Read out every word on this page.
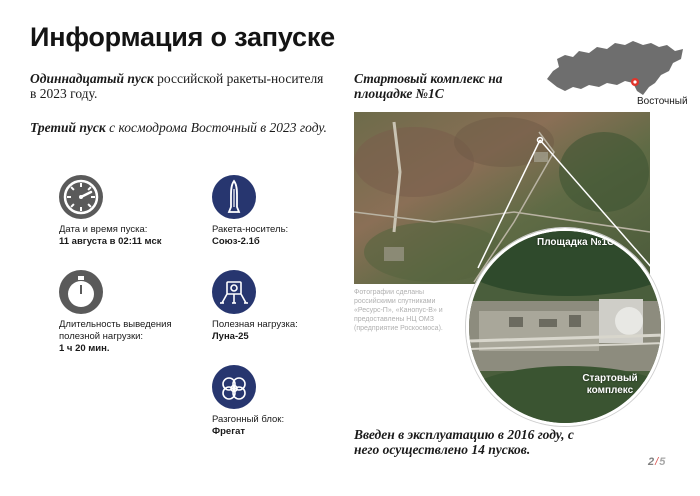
Информация о запуске
Одиннадцатый пуск российской ракеты-носителя в 2023 году.
Третий пуск с космодрома Восточный в 2023 году.
Дата и время пуска:
11 августа в 02:11 мск
Ракета-носитель:
Союз-2.1б
Длительность выведения полезной нагрузки:
1 ч 20 мин.
Полезная нагрузка:
Луна-25
Разгонный блок:
Фрегат
Восточный
Стартовый комплекс на площадке №1С
Площадка №1С
Стартовый комплекс
Фотографии сделаны российскими спутниками «Ресурс-П», «Канопус-В» и предоставлены НЦ ОМЗ (предприятие Роскосмоса).
Введен в эксплуатацию в 2016 году, с него осуществлено 14 пусков.
2/5
